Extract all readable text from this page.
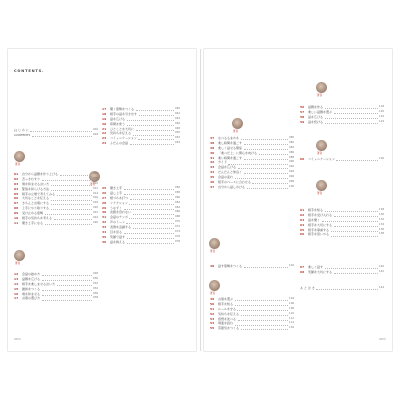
CONTENTS.
は じ め に	002
CONTENTS	004
著者
著者
著者
著者
著者
著者
著者
著者
著者
01	自分から話題を作り上げる	004
02	否っきむすり	008
03	場を和ませる言い方	010
04	緊張を和らげる方法	012
05	相手の立場で考えてみる	014
06	大切なことを伝える	016
07	きちんと言葉にする	018
08	上手にやり取りする	020
09	受け止める姿勢	022
10	相手の気持ちを考える	024
11	聞き上手になる	026
12	会話の始め方	028
13	話題を広げる	030
14	相手を楽しませる言い方	032
15	雑談をつくる	034
16	場を和ませる	036
17	言葉の選び方	038
17	聞く姿勢をつくる	040
18	相手の話を引き出す	042
19	話を広げる	044
20	質問を使う	046
21	ひとことを大切に	048
22	気持ちを伝える	050
23	コミュニケーション	052
24	ふだんの会話	054
25	聞き上手	056
26	話し上手	058
27	相づちを打つ	060
28	リアクション	062
29	うなずく	064
30	沈黙を恐れない	066
31	会話のテンポ	068
32	声のトーン	070
33	表情を意識する	072
34	目を見る	074
35	笑顔で話す	076
36	話を終える	078
37	なべるるまかを	080
38	楽し時間を過ごす	082
39	楽しく話せる関係	084
40	「楽べだ上」に関心を向ける	086
41	楽い時間を過ごす	088
42	ガイド	090
43	会話を広げる	092
44	だんだんと仲良く	094
45	会話の流れ	096
46	相手のペースに合わせる	098
47	自分から話しかける	100
48	話す姿勢をつくる	102
49	言葉を選ぶ	104
50	相手を知る	106
51	ルールを守る	108
52	気持ちを伝える	110
53	感想を述べる	112
54	場面を読む	114
55	雰囲気をつくる	116
56	話題を作る	118
57	楽しい話題を選ぶ	120
58	話を広げる	122
59	話を続ける	124
60	コミュニケーション	126
61	相手を知る	128
62	相手を受け入れる	130
63	話を聞く	132
64	相手を大切にする	134
65	相手を尊重する	136
66	相手を思いやる	138
67	楽しく話す	140
68	笑顔を大切にする	142
あ と が き	144
0004	0005
